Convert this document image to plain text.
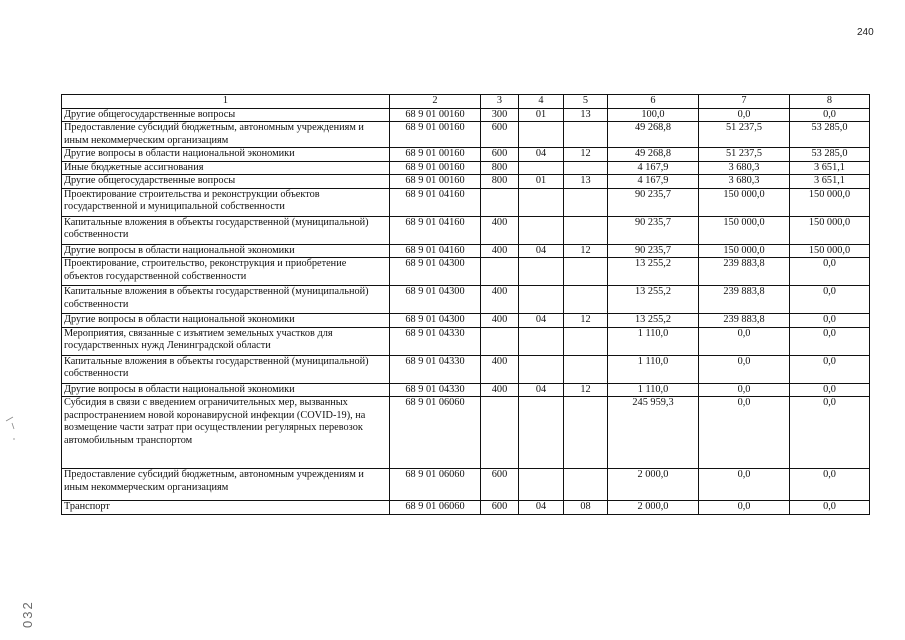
240
032
1	2	3	4	5	6	7	8
Другие общегосударственные вопросы	68 9 01 00160	300	01	13	100,0	0,0	0,0
Предоставление субсидий бюджетным, автономным учреждениям и иным некоммерческим организациям	68 9 01 00160	600			49 268,8	51 237,5	53 285,0
Другие вопросы в области национальной экономики	68 9 01 00160	600	04	12	49 268,8	51 237,5	53 285,0
Иные бюджетные ассигнования	68 9 01 00160	800			4 167,9	3 680,3	3 651,1
Другие общегосударственные вопросы	68 9 01 00160	800	01	13	4 167,9	3 680,3	3 651,1
Проектирование строительства и реконструкции объектов государственной и муниципальной собственности	68 9 01 04160				90 235,7	150 000,0	150 000,0
Капитальные вложения в объекты государственной (муниципальной) собственности	68 9 01 04160	400			90 235,7	150 000,0	150 000,0
Другие вопросы в области национальной экономики	68 9 01 04160	400	04	12	90 235,7	150 000,0	150 000,0
Проектирование, строительство, реконструкция и приобретение объектов государственной собственности	68 9 01 04300				13 255,2	239 883,8	0,0
Капитальные вложения в объекты государственной (муниципальной) собственности	68 9 01 04300	400			13 255,2	239 883,8	0,0
Другие вопросы в области национальной экономики	68 9 01 04300	400	04	12	13 255,2	239 883,8	0,0
Мероприятия, связанные с изъятием земельных участков для государственных нужд Ленинградской области	68 9 01 04330				1 110,0	0,0	0,0
Капитальные вложения в объекты государственной (муниципальной) собственности	68 9 01 04330	400			1 110,0	0,0	0,0
Другие вопросы в области национальной экономики	68 9 01 04330	400	04	12	1 110,0	0,0	0,0
Субсидия в связи с введением ограничительных мер, вызванных распространением новой коронавирусной инфекции (COVID-19), на возмещение части затрат при осуществлении регулярных перевозок автомобильным транспортом	68 9 01 06060				245 959,3	0,0	0,0
Предоставление субсидий бюджетным, автономным учреждениям и иным некоммерческим организациям	68 9 01 06060	600			2 000,0	0,0	0,0
Транспорт	68 9 01 06060	600	04	08	2 000,0	0,0	0,0
